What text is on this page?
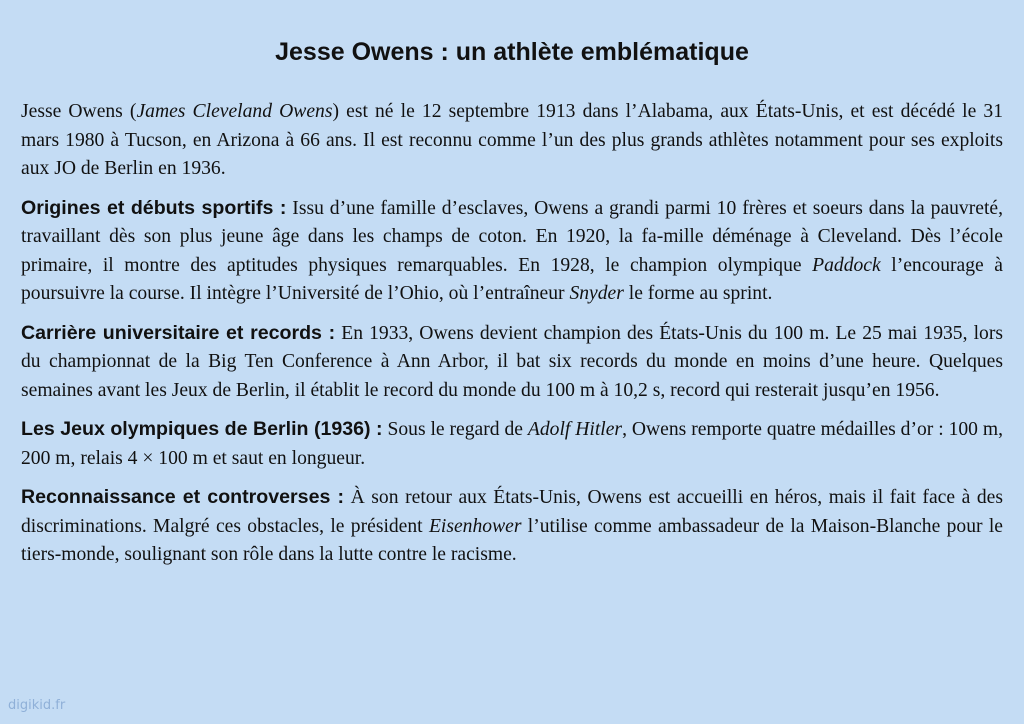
Jesse Owens : un athlète emblématique

Jesse Owens (James Cleveland Owens) est né le 12 septembre 1913 dans l’Alabama, aux États-Unis, et est décédé le 31 mars 1980 à Tucson, en Arizona à 66 ans. Il est reconnu comme l’un des plus grands athlètes notamment pour ses exploits aux JO de Berlin en 1936.

Origines et débuts sportifs : Issu d’une famille d’esclaves, Owens a grandi parmi 10 frères et soeurs dans la pauvreté, travaillant dès son plus jeune âge dans les champs de coton. En 1920, la fa-mille déménage à Cleveland. Dès l’école primaire, il montre des aptitudes physiques remarquables. En 1928, le champion olympique Paddock l’encourage à poursuivre la course. Il intègre l’Université de l’Ohio, où l’entraîneur Snyder le forme au sprint.

Carrière universitaire et records : En 1933, Owens devient champion des États-Unis du 100 m. Le 25 mai 1935, lors du championnat de la Big Ten Conference à Ann Arbor, il bat six records du monde en moins d’une heure. Quelques semaines avant les Jeux de Berlin, il établit le record du monde du 100 m à 10,2 s, record qui resterait jusqu’en 1956.

Les Jeux olympiques de Berlin (1936) : Sous le regard de Adolf Hitler, Owens remporte quatre médailles d’or : 100 m, 200 m, relais 4 × 100 m et saut en longueur.

Reconnaissance et controverses : À son retour aux États-Unis, Owens est accueilli en héros, mais il fait face à des discriminations. Malgré ces obstacles, le président Eisenhower l’utilise comme ambassadeur de la Maison-Blanche pour le tiers-monde, soulignant son rôle dans la lutte contre le racisme.

digikid.fr
